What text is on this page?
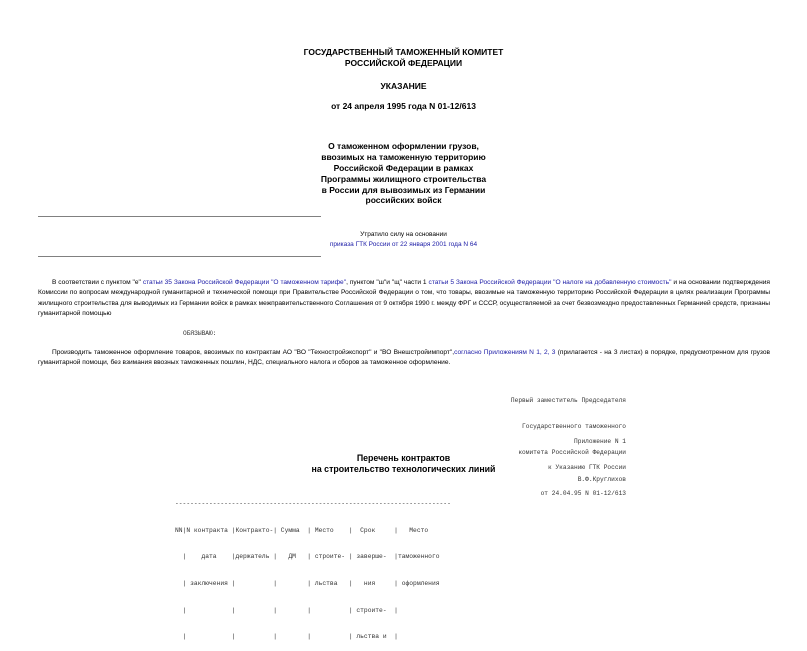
ГОСУДАРСТВЕННЫЙ ТАМОЖЕННЫЙ КОМИТЕТ
РОССИЙСКОЙ ФЕДЕРАЦИИ
УКАЗАНИЕ
от 24 апреля 1995 года N 01-12/613
О таможенном оформлении грузов,
ввозимых на таможенную территорию
Российской Федерации в рамках
Программы жилищного строительства
в России для вывозимых из Германии
российских войск
Утратило силу на основании
приказа ГТК России от 22 января 2001 года N 64
В соответствии с пунктом "е" статьи 35 Закона Российской Федерации "О таможенном тарифе", пунктом "ш"и "щ" части 1 статьи 5 Закона Российской Федерации "О налоге на добавленную стоимость" и на основании подтверждения Комиссии по вопросам международной гуманитарной и технической помощи при Правительстве Российской Федерации о том, что товары, ввозимые на таможенную территорию Российской Федерации в целях реализации Программы жилищного строительства для выводимых из Германии войск в рамках межправительственного Соглашения от 9 октября 1990 г. между ФРГ и СССР, осуществляемой за счет безвозмездно предоставленных Германией средств, признаны гуманитарной помощью
ОБЯЗЫВАЮ:
Производить таможенное оформление товаров, ввозимых по контрактам АО "ВО "Техностройэкспорт" и "ВО Внешстройимпорт",согласно Приложениям N 1, 2, 3 (прилагается - на 3 листах) в порядке, предусмотренном для грузов гуманитарной помощи, без взимания ввозных таможенных пошлин, НДС, специального налога и сборов за таможенное оформление.

Первый заместитель Председателя

Государственного таможенного

комитета Российской Федерации

В.Ф.Круглихов

Приложение N 1

к Указанию ГТК России

от 24.04.95 N 01-12/613

Перечень контрактов
на строительство технологических линий

-------------------------------------------------------------------------

NN|N контракта |Контракто-| Сумма  | Место    |  Срок     |   Место

|    дата    |держатель |   ДМ   | строите- | заверше-  |таможенного

| заключения |          |        | льства   |   ния     | оформления

|            |          |        |          | строите-  |

|            |          |        |          | льства и  |
